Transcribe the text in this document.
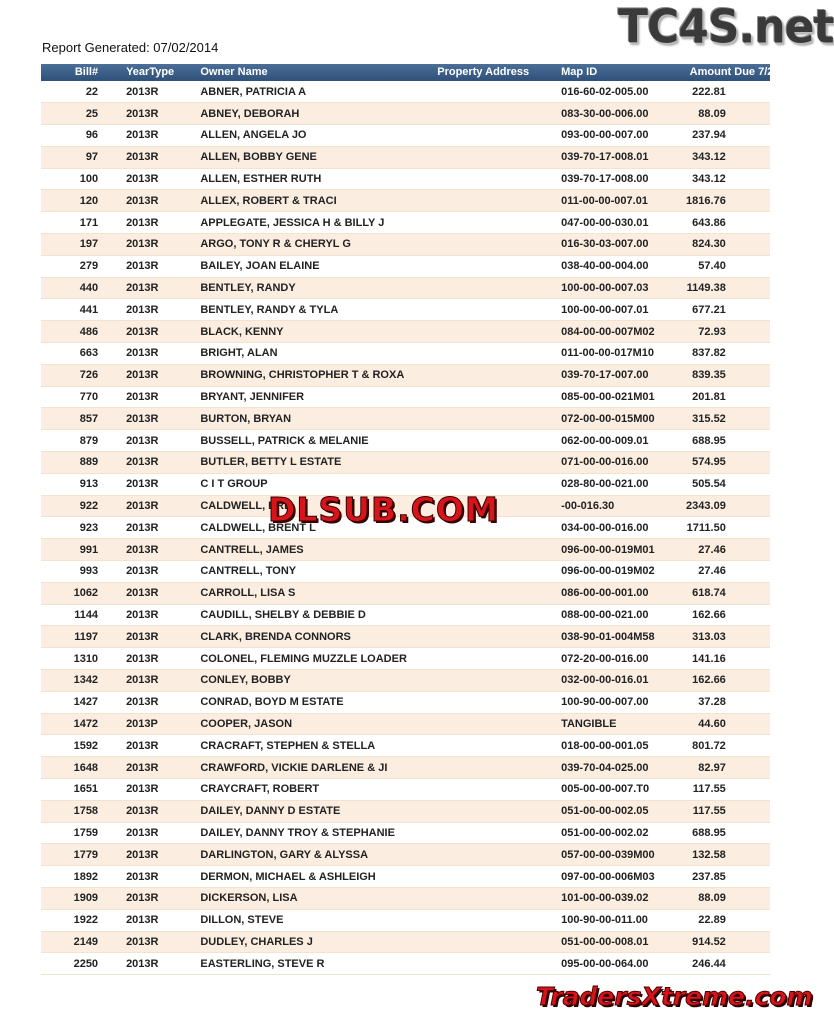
Report Generated: 07/02/2014	TC4S.net
Bill#	YearType	Owner Name	Property Address	Map ID	Amount Due 7/2/2014	
22	2013R	ABNER, PATRICIA A		016-60-02-005.00	222.81	
25	2013R	ABNEY, DEBORAH		083-30-00-006.00	88.09	
96	2013R	ALLEN, ANGELA JO		093-00-00-007.00	237.94	
97	2013R	ALLEN, BOBBY GENE		039-70-17-008.01	343.12	
100	2013R	ALLEN, ESTHER RUTH		039-70-17-008.00	343.12	
120	2013R	ALLEX, ROBERT & TRACI		011-00-00-007.01	1816.76	
171	2013R	APPLEGATE, JESSICA H & BILLY J		047-00-00-030.01	643.86	
197	2013R	ARGO, TONY R & CHERYL G		016-30-03-007.00	824.30	
279	2013R	BAILEY, JOAN ELAINE		038-40-00-004.00	57.40	
440	2013R	BENTLEY, RANDY		100-00-00-007.03	1149.38	
441	2013R	BENTLEY, RANDY & TYLA		100-00-00-007.01	677.21	
486	2013R	BLACK, KENNY		084-00-00-007M02	72.93	
663	2013R	BRIGHT, ALAN		011-00-00-017M10	837.82	
726	2013R	BROWNING, CHRISTOPHER T & ROXA		039-70-17-007.00	839.35	
770	2013R	BRYANT, JENNIFER		085-00-00-021M01	201.81	
857	2013R	BURTON, BRYAN		072-00-00-015M00	315.52	
879	2013R	BUSSELL, PATRICK & MELANIE		062-00-00-009.01	688.95	
889	2013R	BUTLER, BETTY L ESTATE		071-00-00-016.00	574.95	
913	2013R	C I T GROUP		028-80-00-021.00	505.54	
922	2013R	CALDWELL, BRE		-00-016.30	2343.09	
923	2013R	CALDWELL, BRENT L		034-00-00-016.00	1711.50	
991	2013R	CANTRELL, JAMES		096-00-00-019M01	27.46	
993	2013R	CANTRELL, TONY		096-00-00-019M02	27.46	
1062	2013R	CARROLL, LISA S		086-00-00-001.00	618.74	
1144	2013R	CAUDILL, SHELBY & DEBBIE D		088-00-00-021.00	162.66	
1197	2013R	CLARK, BRENDA CONNORS		038-90-01-004M58	313.03	
1310	2013R	COLONEL, FLEMING MUZZLE LOADER		072-20-00-016.00	141.16	
1342	2013R	CONLEY, BOBBY		032-00-00-016.01	162.66	
1427	2013R	CONRAD, BOYD M ESTATE		100-90-00-007.00	37.28	
1472	2013P	COOPER, JASON		TANGIBLE	44.60	
1592	2013R	CRACRAFT, STEPHEN & STELLA		018-00-00-001.05	801.72	
1648	2013R	CRAWFORD, VICKIE DARLENE & JI		039-70-04-025.00	82.97	
1651	2013R	CRAYCRAFT, ROBERT		005-00-00-007.T0	117.55	
1758	2013R	DAILEY, DANNY D ESTATE		051-00-00-002.05	117.55	
1759	2013R	DAILEY, DANNY TROY & STEPHANIE		051-00-00-002.02	688.95	
1779	2013R	DARLINGTON, GARY & ALYSSA		057-00-00-039M00	132.58	
1892	2013R	DERMON, MICHAEL & ASHLEIGH		097-00-00-006M03	237.85	
1909	2013R	DICKERSON, LISA		101-00-00-039.02	88.09	
1922	2013R	DILLON, STEVE		100-90-00-011.00	22.89	
2149	2013R	DUDLEY, CHARLES J		051-00-00-008.01	914.52	
2250	2013R	EASTERLING, STEVE R		095-00-00-064.00	246.44	
DLSUB.COM
TradersXtreme.com
